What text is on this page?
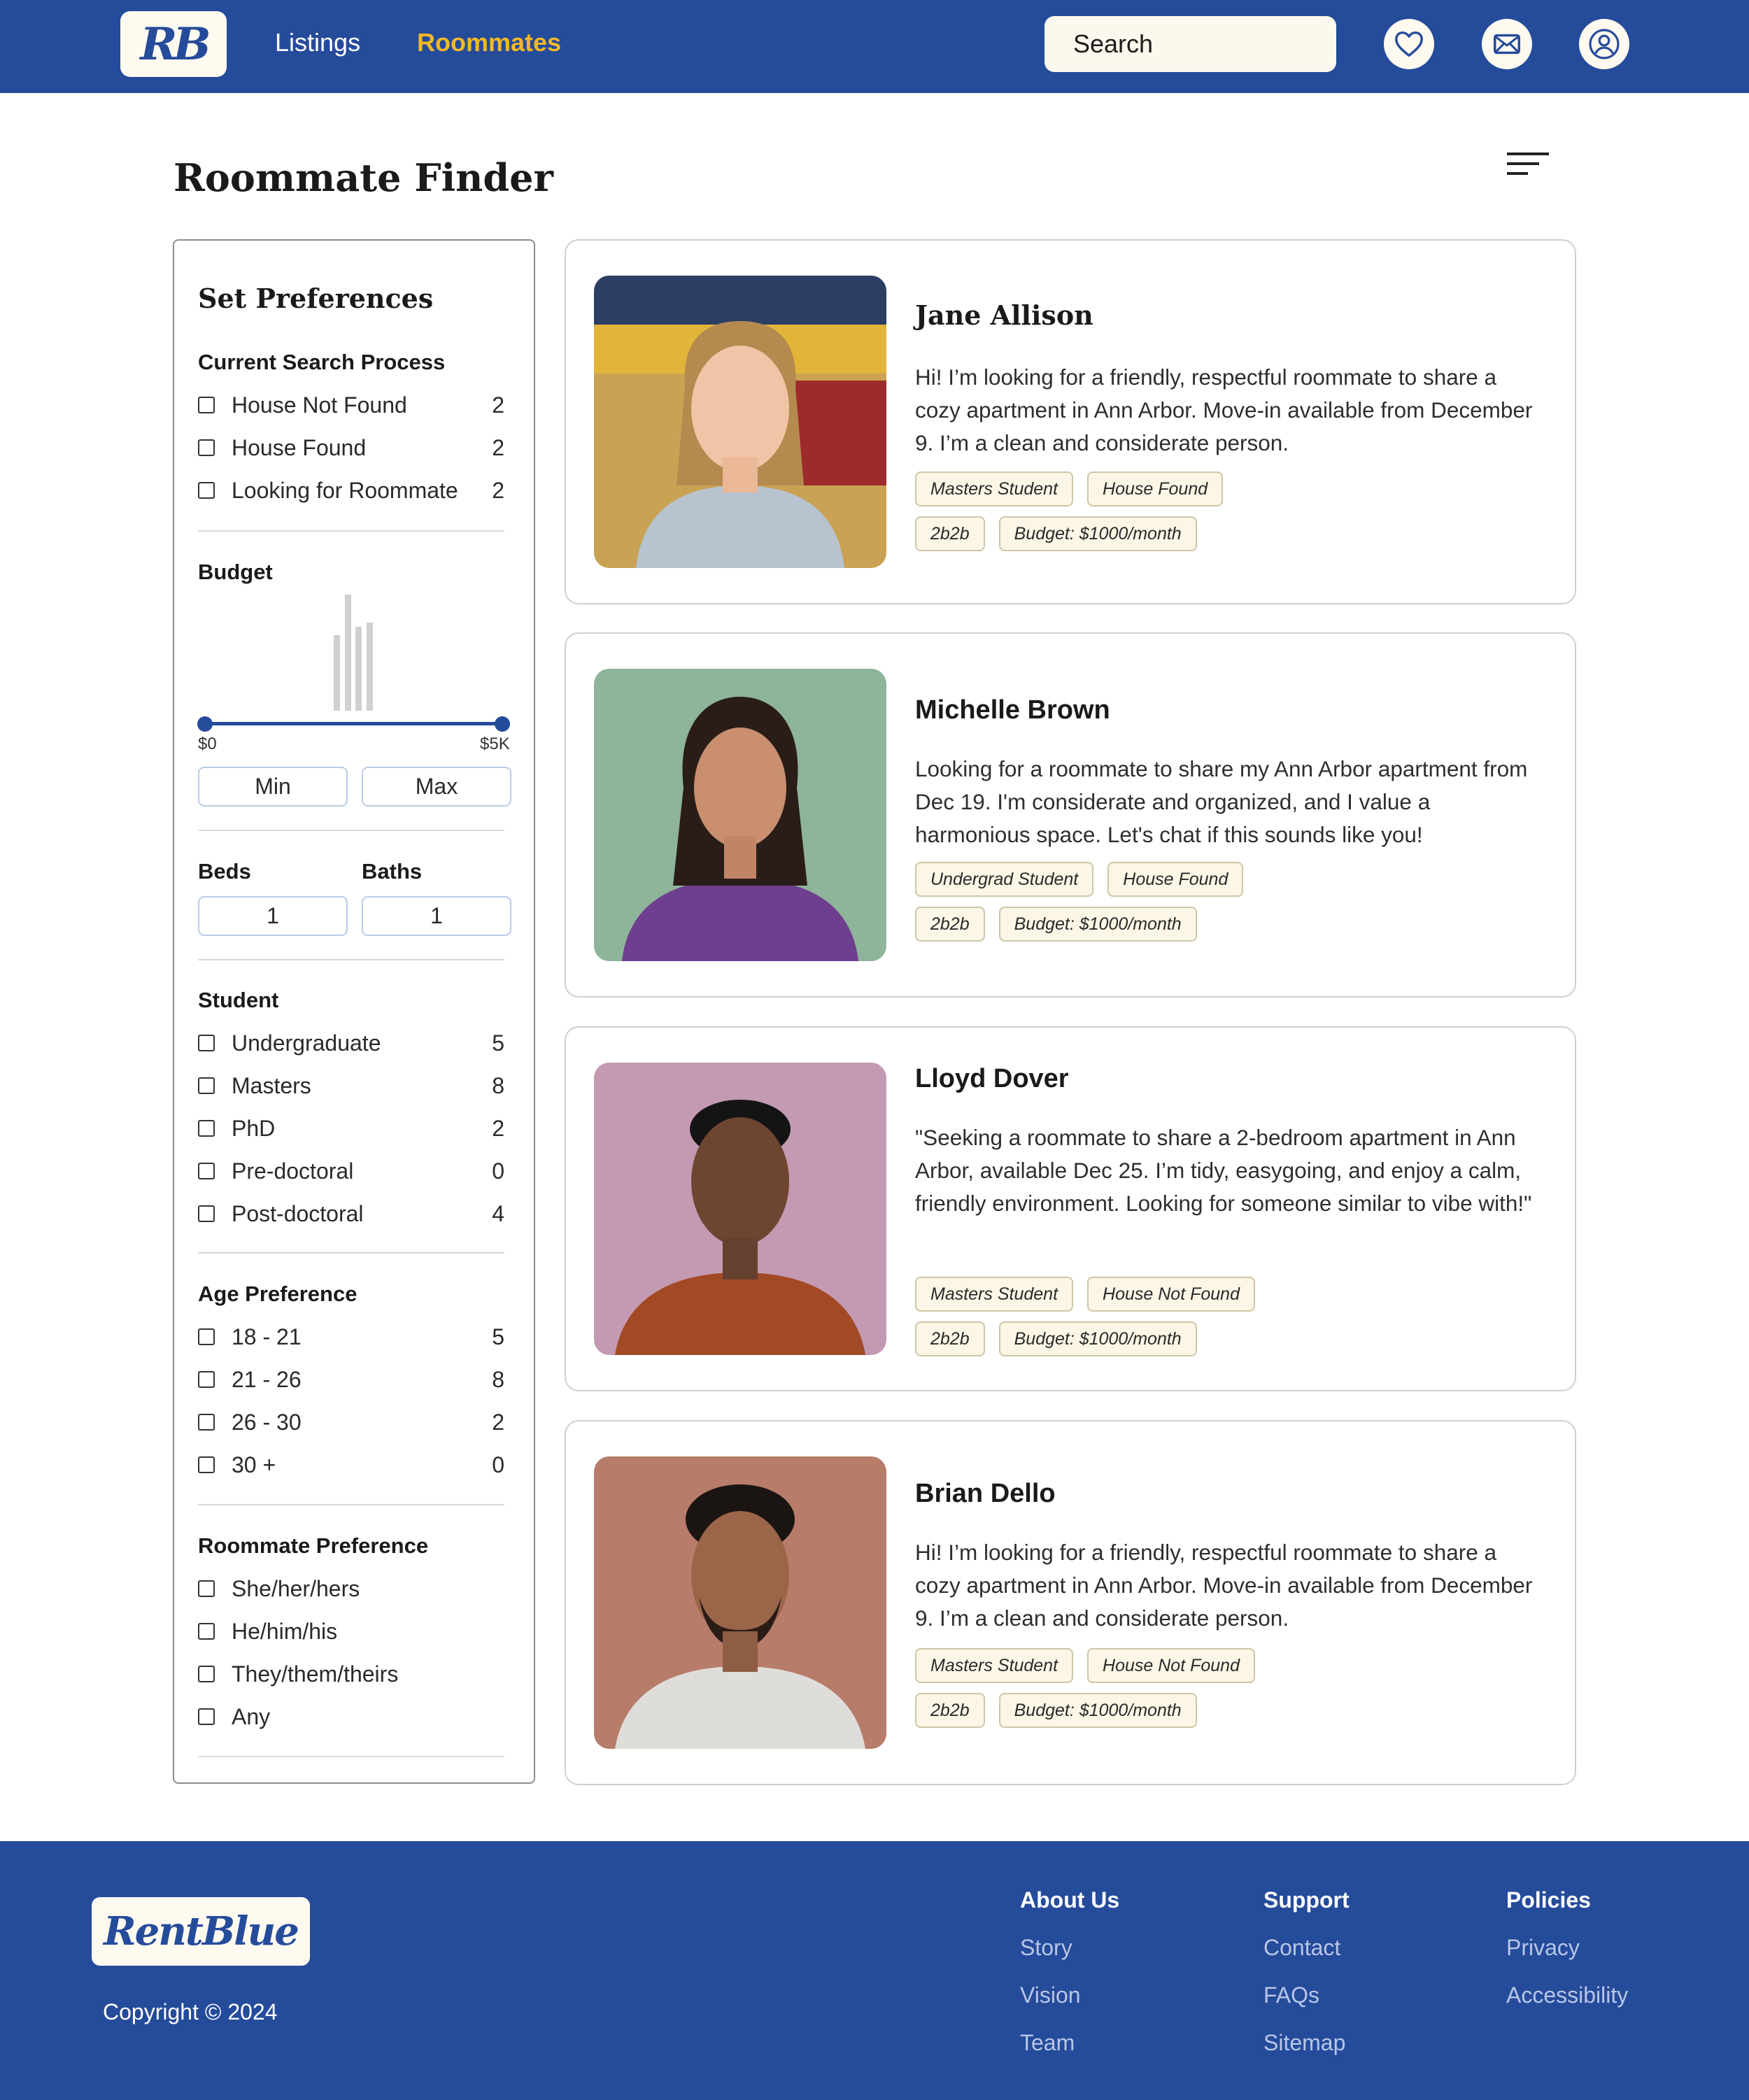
RB	Listings Roommates
Search
Roommate Finder
Set Preferences
Current Search Process
House Not Found	2
House Found	2
Looking for Roommate 2
Budget
$0	$5K
Min
Max
Beds	Baths
1
1
Student
Undergraduate	5
Masters	8
PhD	2
Pre-doctoral	0
Post-doctoral	4
Age Preference
18 - 21	5
21 - 26	8
26 - 30	2
30 +	0
Roommate Preference
She/her/hers
He/him/his
They/them/theirs
Any
Jane Allison
Hi! I’m looking for a friendly, respectful roommate to share a cozy apartment in Ann Arbor. Move-in available from December 9. I’m a clean and considerate person.
Masters Student	House Found
2b2b	Budget: $1000/month
Michelle Brown
Looking for a roommate to share my Ann Arbor apartment from Dec 19. I'm considerate and organized, and I value a harmonious space. Let's chat if this sounds like you!
Undergrad Student	House Found
2b2b	Budget: $1000/month
Lloyd Dover
"Seeking a roommate to share a 2-bedroom apartment in Ann Arbor, available Dec 25. I’m tidy, easygoing, and enjoy a calm, friendly environment. Looking for someone similar to vibe with!"
Masters Student	House Not Found
2b2b	Budget: $1000/month
Brian Dello
Hi! I’m looking for a friendly, respectful roommate to share a cozy apartment in Ann Arbor. Move-in available from December 9. I’m a clean and considerate person.
Masters Student	House Not Found
2b2b	Budget: $1000/month
RentBlue
Copyright © 2024
About Us
Story
Vision
Team
Support
Contact
FAQs
Sitemap
Policies
Privacy
Accessibility
